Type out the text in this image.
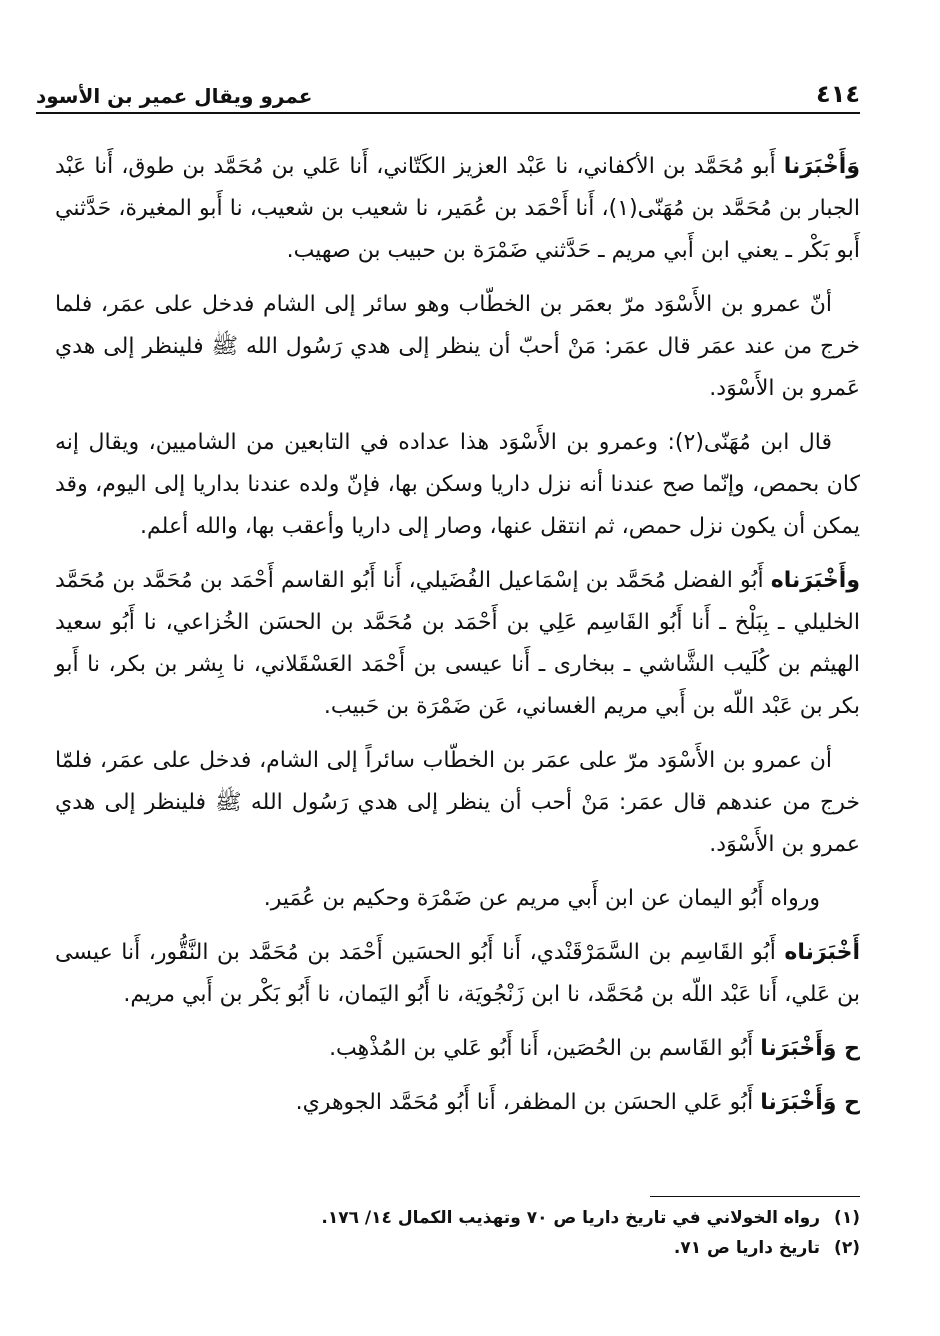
٤١٤
عمرو ويقال عمير بن الأسود

وَأَخْبَرَنا أَبو مُحَمَّد بن الأكفاني، نا عَبْد العزيز الكَتّاني، أَنا عَلي بن مُحَمَّد بن طوق، أَنا عَبْد الجبار بن مُحَمَّد بن مُهَنّى(١)، أَنا أَحْمَد بن عُمَير، نا شعيب بن شعيب، نا أَبو المغيرة، حَدَّثني أَبو بَكْر ـ يعني ابن أَبي مريم ـ حَدَّثني ضَمْرَة بن حبيب بن صهيب.

أنّ عمرو بن الأَسْوَد مرّ بعمَر بن الخطّاب وهو سائر إلى الشام فدخل على عمَر، فلما خرج من عند عمَر قال عمَر: مَنْ أحبّ أن ينظر إلى هدي رَسُول الله ﷺ فلينظر إلى هدي عَمرو بن الأَسْوَد.

قال ابن مُهَنّى(٢): وعمرو بن الأَسْوَد هذا عداده في التابعين من الشاميين، ويقال إنه كان بحمص، وإنّما صح عندنا أنه نزل داريا وسكن بها، فإنّ ولده عندنا بداريا إلى اليوم، وقد يمكن أن يكون نزل حمص، ثم انتقل عنها، وصار إلى داريا وأعقب بها، والله أعلم.

وأَخْبَرَناه أَبُو الفضل مُحَمَّد بن إسْمَاعيل الفُضَيلي، أَنا أَبُو القاسم أَحْمَد بن مُحَمَّد بن مُحَمَّد الخليلي ـ بِبَلْخ ـ أَنا أَبُو القَاسِم عَلِي بن أَحْمَد بن مُحَمَّد بن الحسَن الخُزاعي، نا أَبُو سعيد الهيثم بن كُلَيب الشَّاشي ـ ببخارى ـ أَنا عيسى بن أَحْمَد العَسْقَلاني، نا بِشر بن بكر، نا أَبو بكر بن عَبْد اللّه بن أَبي مريم الغساني، عَن ضَمْرَة بن حَبيب.

أن عمرو بن الأَسْوَد مرّ على عمَر بن الخطّاب سائراً إلى الشام، فدخل على عمَر، فلمّا خرج من عندهم قال عمَر: مَنْ أحب أن ينظر إلى هدي رَسُول الله ﷺ فلينظر إلى هدي عمرو بن الأَسْوَد.

ورواه أَبُو اليمان عن ابن أَبي مريم عن ضَمْرَة وحكيم بن عُمَير.

أَخْبَرَناه أَبُو القَاسِم بن السَّمَرْقَنْدي، أَنا أَبُو الحسَين أَحْمَد بن مُحَمَّد بن النَّقُّور، أَنا عيسى بن عَلي، أَنا عَبْد اللّه بن مُحَمَّد، نا ابن زَنْجُويَة، نا أَبُو اليَمان، نا أَبُو بَكْر بن أَبي مريم.

ح وَأَخْبَرَنا أَبُو القَاسم بن الحُصَين، أَنا أَبُو عَلي بن المُذْهِب.

ح وَأَخْبَرَنا أَبُو عَلي الحسَن بن المظفر، أَنا أَبُو مُحَمَّد الجوهري.

(١)رواه الخولاني في تاريخ داريا ص ٧٠ وتهذيب الكمال ١٤/ ١٧٦.

(٢)تاريخ داريا ص ٧١.
